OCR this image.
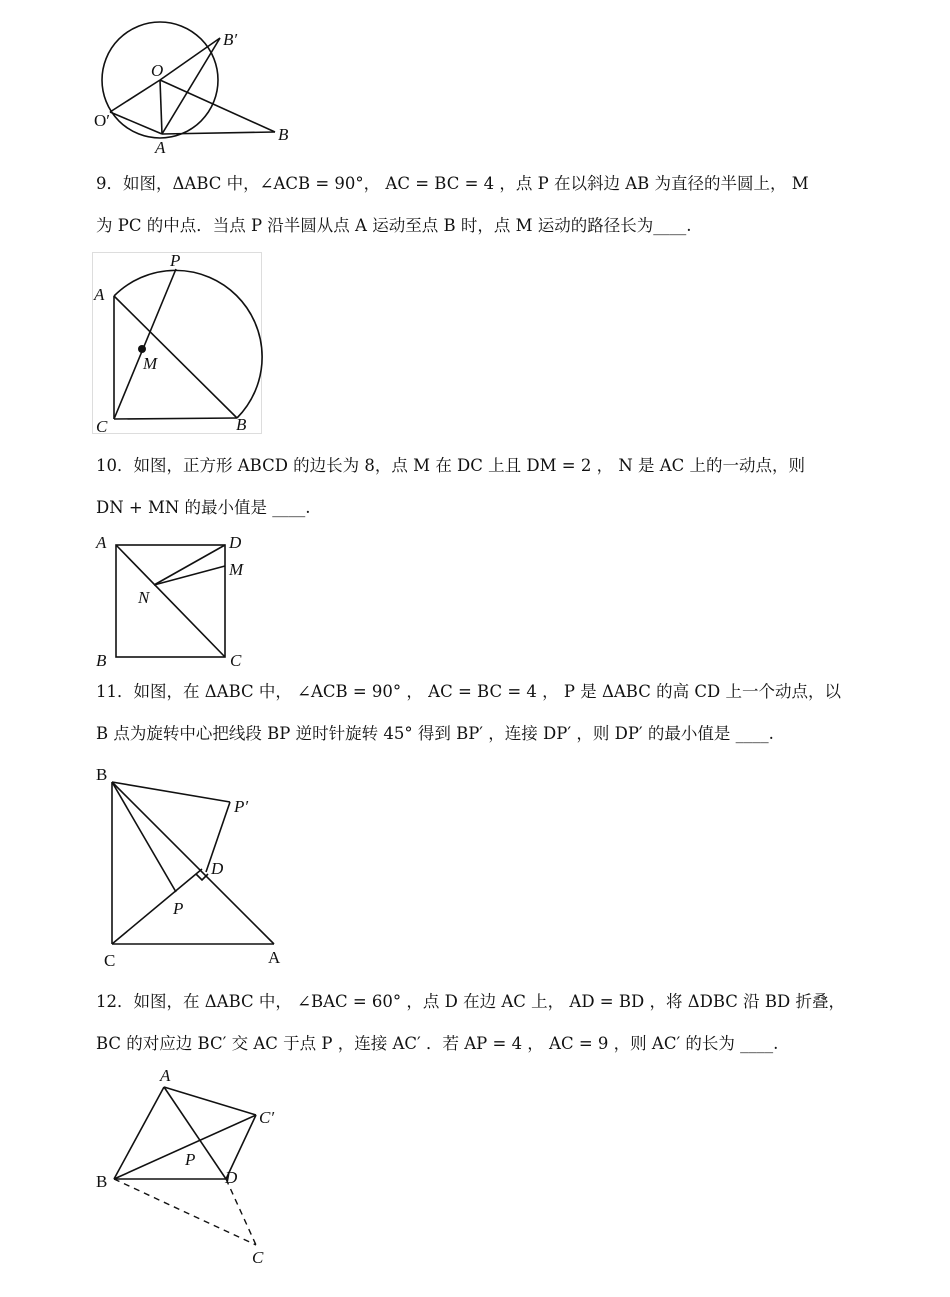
B′
O
O′
A
B
9．如图，ΔABC 中，∠ACB = 90°， AC = BC = 4 ，点 P 在以斜边 AB 为直径的半圆上， M
为 PC 的中点．当点 P 沿半圆从点 A 运动至点 B 时，点 M 运动的路径长为____.
P
A
M
C	B
10．如图，正方形 ABCD 的边长为 8，点 M 在 DC 上且 DM = 2 ， N 是 AC 上的一动点，则
DN + MN 的最小值是 ____.
A	D
M
N
B	C
11．如图，在 ΔABC 中， ∠ACB = 90° ， AC = BC = 4 ， P 是 ΔABC 的高 CD 上一个动点，以
B 点为旋转中心把线段 BP 逆时针旋转 45° 得到 BP′ ，连接 DP′ ，则 DP′ 的最小值是 ____.
B
P′
D
P
C	A
12．如图，在 ΔABC 中， ∠BAC = 60° ，点 D 在边 AC 上， AD = BD ，将 ΔDBC 沿 BD 折叠，
BC 的对应边 BC′ 交 AC 于点 P ，连接 AC′ ．若 AP = 4 ， AC = 9 ，则 AC′ 的长为 ____.
A
C′
P
D
B
C
